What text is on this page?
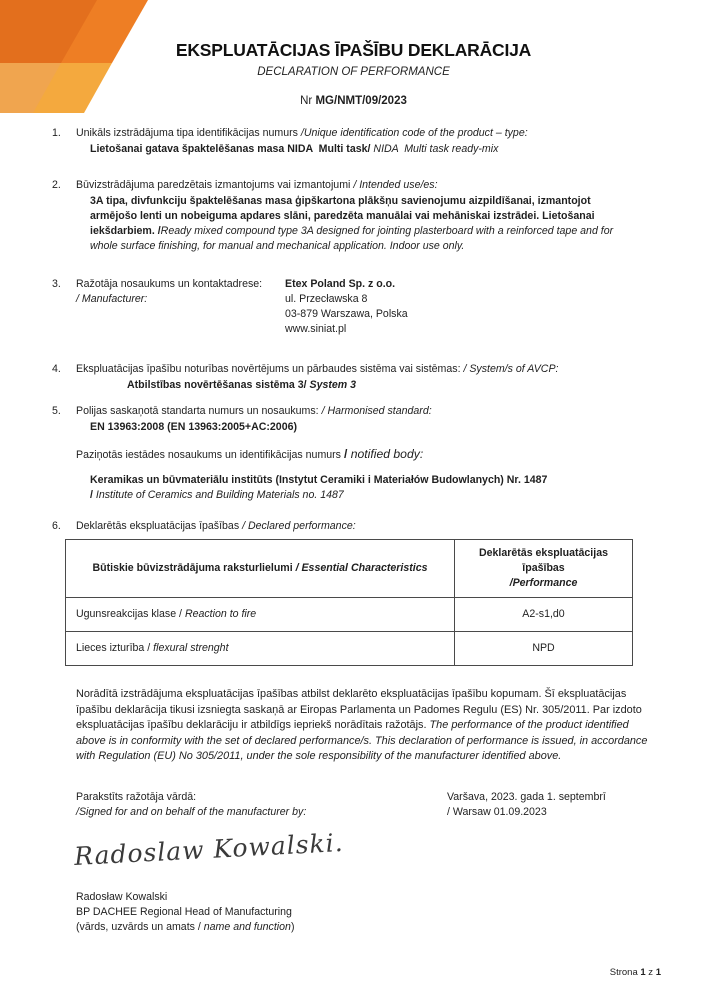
EKSPLUATĀCIJAS ĪPAŠĪBU DEKLARĀCIJA
DECLARATION OF PERFORMANCE
Nr MG/NMT/09/2023
1.	Unikāls izstrādājuma tipa identifikācijas numurs /Unique identification code of the product – type:
Lietošanai gatava špaktelēšanas masa NIDA  Multi task/ NIDA  Multi task ready-mix
2.	Būvizstrādājuma paredzētais izmantojums vai izmantojumi / Intended use/es:
3A tipa, divfunkciju špaktelēšanas masa ģipškartona plākšņu savienojumu aizpildīšanai, izmantojot armējošo lenti un nobeiguma apdares slāni, paredzēta manuālai vai mehāniskai izstrādei. Lietošanai iekšdarbiem. /Ready mixed compound type 3A designed for jointing plasterboard with a reinforced tape and for whole surface finishing, for manual and mechanical application. Indoor use only.
3.	Ražotāja nosaukums un kontaktadrese:
/ Manufacturer:
Etex Poland Sp. z o.o.
ul. Przecławska 8
03-879 Warszawa, Polska
www.siniat.pl
4.	Ekspluatācijas īpašību noturības novērtējums un pārbaudes sistēma vai sistēmas: / System/s of AVCP:
Atbilstības novērtēšanas sistēma 3/ System 3
5.	Polijas saskaņotā standarta numurs un nosaukums: / Harmonised standard:
EN 13963:2008 (EN 13963:2005+AC:2006)
Paziņotās iestādes nosaukums un identifikācijas numurs / notified body:
Keramikas un būvmateriālu institūts (Instytut Ceramiki i Materiałów Budowlanych) Nr. 1487
/ Institute of Ceramics and Building Materials no. 1487
6.	Deklarētās ekspluatācijas īpašības / Declared performance:
Būtiskie būvizstrādājuma raksturlielumi / Essential Characteristics	Deklarētās ekspluatācijas īpašības
/Performance

Ugunsreakcijas klase / Reaction to fire	A2-s1,d0
Lieces izturība / flexural strenght	NPD

Norādītā izstrādājuma ekspluatācijas īpašības atbilst deklarēto ekspluatācijas īpašību kopumam. Šī ekspluatācijas īpašību deklarācija tikusi izsniegta saskaņā ar Eiropas Parlamenta un Padomes Regulu (ES) Nr. 305/2011. Par izdoto ekspluatācijas īpašību deklarāciju ir atbildīgs iepriekš norādītais ražotājs. The performance of the product identified above is in conformity with the set of declared performance/s. This declaration of performance is issued, in accordance with Regulation (EU) No 305/2011, under the sole responsibility of the manufacturer identified above.

Parakstīts ražotāja vārdā:
/Signed for and on behalf of the manufacturer by:
Varšava, 2023. gada 1. septembrī
/ Warsaw 01.09.2023
Radoslaw Kowalski.
Radosław Kowalski
BP DACHEE Regional Head of Manufacturing
(vārds, uzvārds un amats / name and function)
Strona 1 z 1
